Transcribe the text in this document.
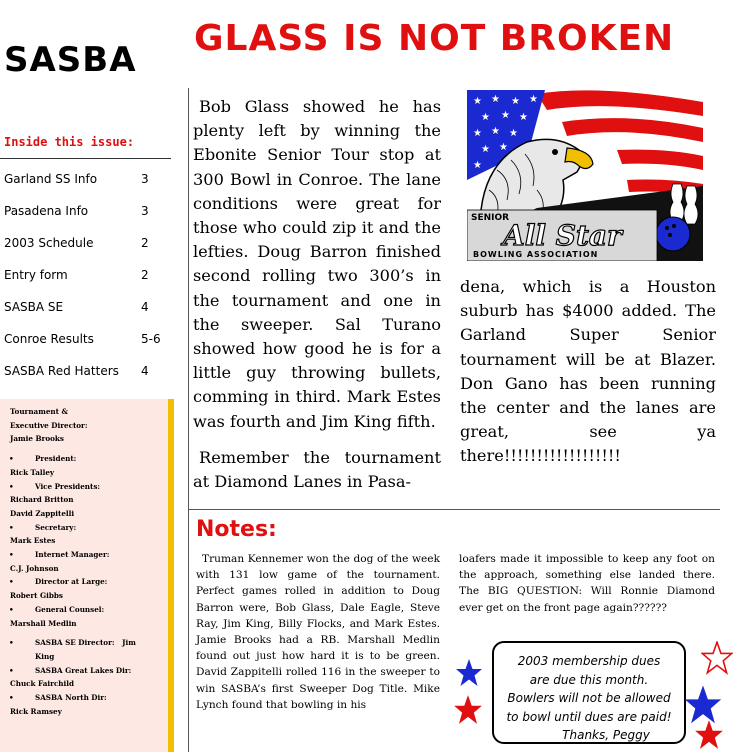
SASBA
Inside this issue:
Garland SS Info	3
Pasadena Info	3
2003 Schedule	2
Entry form	2
SASBA SE	4
Conroe Results	5-6
SASBA Red Hatters 4
Tournament &
Executive Director:
Jamie Brooks
• President:
Rick Talley
• Vice Presidents:
Richard Britton
David Zappitelli
• Secretary:
Mark Estes
• Internet Manager:
C.J. Johnson
• Director at Large:
Robert Gibbs
• General Counsel:
Marshall Medlin
• SASBA SE Director: Jim
King
• SASBA Great Lakes Dir:
Chuck Fairchild
• SASBA North Dir:
Rick Ramsey
GLASS IS NOT BROKEN

Bob Glass showed he has plenty left by winning the Ebonite Senior Tour stop at 300 Bowl in Conroe. The lane conditions were great for those who could zip it and the lefties. Doug Barron finished second rolling two 300’s in the tournament and one in the sweeper. Sal Turano showed how good he is for a little guy throwing bullets, comming in third. Mark Estes was fourth and Jim King fifth.

Remember the tournament at Diamond Lanes in Pasa-

★ ★ ★ ★
★ ★ ★
★ ★ ★
★ ★
★
SENIOR
All Star
BOWLING ASSOCIATION
dena, which is a Houston suburb has $4000 added. The Garland Super Senior tournament will be at Blazer. Don Gano has been running the center and the lanes are great, see ya there!!!!!!!!!!!!!!!!!!
Notes:

Truman Kennemer won the dog of the week with 131 low game of the tournament. Perfect games rolled in addition to Doug Barron were, Bob Glass, Dale Eagle, Steve Ray, Jim King, Billy Flocks, and Mark Estes. Jamie Brooks had a RB. Marshall Medlin found out just how hard it is to be green. David Zappitelli rolled 116 in the sweeper to win SASBA’s first Sweeper Dog Title. Mike Lynch found that bowling in his

loafers made it impossible to keep any foot on the approach, something else landed there. The BIG QUESTION: Will Ronnie Diamond ever get on the front page again??????
2003 membership dues
are due this month.
Bowlers will not be allowed
to bowl until dues are paid!
Thanks, Peggy
